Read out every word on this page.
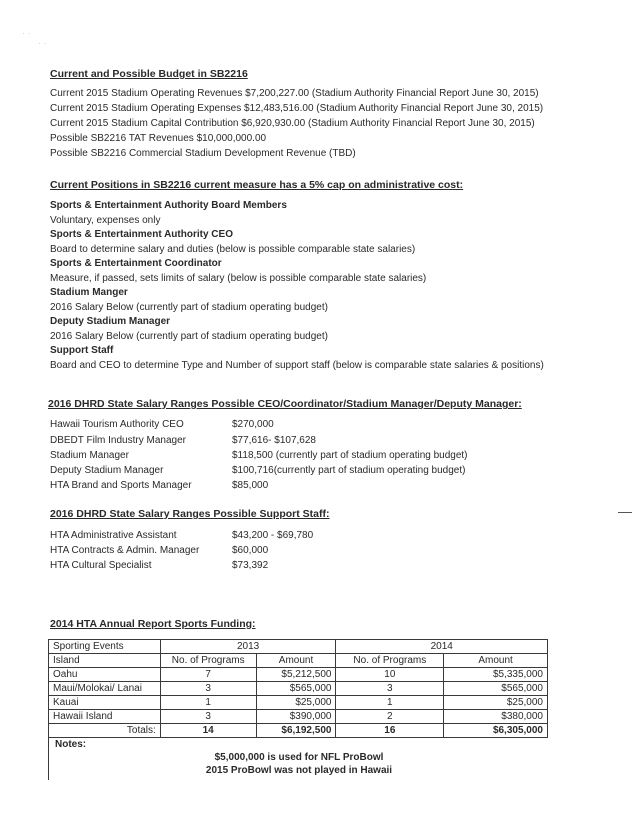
· ·
· ·
Current and Possible Budget in SB2216
Current 2015 Stadium Operating Revenues $7,200,227.00 (Stadium Authority Financial Report June 30, 2015)
Current 2015 Stadium Operating Expenses $12,483,516.00 (Stadium Authority Financial Report June 30, 2015)
Current 2015 Stadium Capital Contribution $6,920,930.00 (Stadium Authority Financial Report June 30, 2015)
Possible SB2216 TAT Revenues $10,000,000.00
Possible SB2216 Commercial Stadium Development Revenue (TBD)
Current Positions in SB2216 current measure has a 5% cap on administrative cost:
Sports & Entertainment Authority Board Members
Voluntary, expenses only
Sports & Entertainment Authority CEO
Board to determine salary and duties (below is possible comparable state salaries)
Sports & Entertainment Coordinator
Measure, if passed, sets limits of salary (below is possible comparable state salaries)
Stadium Manger
2016 Salary Below (currently part of stadium operating budget)
Deputy Stadium Manager
2016 Salary Below (currently part of stadium operating budget)
Support Staff
Board and CEO to determine Type and Number of support staff (below is comparable state salaries & positions)
2016 DHRD State Salary Ranges Possible CEO/Coordinator/Stadium Manager/Deputy Manager:
Hawaii Tourism Authority CEO	$270,000
DBEDT Film Industry Manager	$77,616- $107,628
Stadium Manager	$118,500 (currently part of stadium operating budget)
Deputy Stadium Manager	$100,716(currently part of stadium operating budget)
HTA Brand and Sports Manager	$85,000
2016 DHRD State Salary Ranges Possible Support Staff:
HTA Administrative Assistant	$43,200 - $69,780
HTA Contracts & Admin. Manager	$60,000
HTA Cultural Specialist	$73,392
2014 HTA Annual Report Sports Funding:
Sporting Events	2013		2014	
Island	No. of Programs	Amount	No. of Programs	Amount
Oahu	7	$5,212,500	10	$5,335,000
Maui/Molokai/ Lanai	3	$565,000	3	$565,000
Kauai	1	$25,000	1	$25,000
Hawaii Island	3	$390,000	2	$380,000
Totals:	14	$6,192,500	16	$6,305,000
Notes:
$5,000,000 is used for NFL ProBowl
2015 ProBowl was not played in Hawaii
